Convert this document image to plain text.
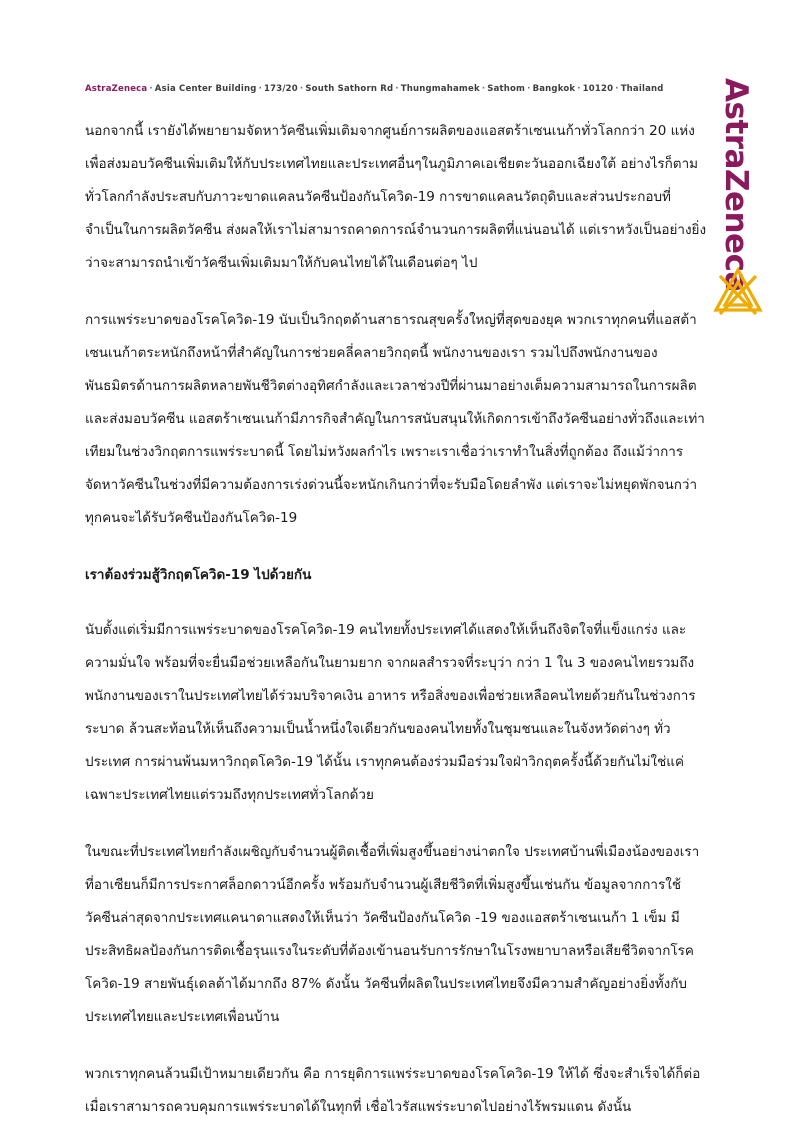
AstraZeneca · Asia Center Building · 173/20 · South Sathorn Rd · Thungmahamek · Sathom · Bangkok · 10120 · Thailand AstraZeneca

นอกจากนี้ เรายังได้พยายามจัดหาวัคซีนเพิ่มเติมจากศูนย์การผลิตของแอสตร้าเซนเนก้าทั่วโลกกว่า 20 แห่ง เพื่อส่งมอบวัคซีนเพิ่มเติมให้กับประเทศไทยและประเทศอื่นๆในภูมิภาคเอเชียตะวันออกเฉียงใต้ อย่างไรก็ตาม ทั่วโลกกำลังประสบกับภาวะขาดแคลนวัคซีนป้องกันโควิด-19 การขาดแคลนวัตถุดิบและส่วนประกอบที่จำเป็นในการผลิตวัคซีน ส่งผลให้เราไม่สามารถคาดการณ์จำนวนการผลิตที่แน่นอนได้ แต่เราหวังเป็นอย่างยิ่งว่าจะสามารถนำเข้าวัคซีนเพิ่มเติมมาให้กับคนไทยได้ในเดือนต่อๆ ไป

การแพร่ระบาดของโรคโควิด-19 นับเป็นวิกฤตด้านสาธารณสุขครั้งใหญ่ที่สุดของยุค พวกเราทุกคนที่แอสต้าเซนเนก้าตระหนักถึงหน้าที่สำคัญในการช่วยคลี่คลายวิกฤตนี้ พนักงานของเรา รวมไปถึงพนักงานของพันธมิตรด้านการผลิตหลายพันชีวิตต่างอุทิศกำลังและเวลาช่วงปีที่ผ่านมาอย่างเต็มความสามารถในการผลิตและส่งมอบวัคซีน แอสตร้าเซนเนก้ามีภารกิจสำคัญในการสนับสนุนให้เกิดการเข้าถึงวัคซีนอย่างทั่วถึงและเท่าเทียมในช่วงวิกฤตการแพร่ระบาดนี้ โดยไม่หวังผลกำไร เพราะเราเชื่อว่าเราทำในสิ่งที่ถูกต้อง ถึงแม้ว่าการจัดหาวัคซีนในช่วงที่มีความต้องการเร่งด่วนนี้จะหนักเกินกว่าที่จะรับมือโดยลำพัง แต่เราจะไม่หยุดพักจนกว่าทุกคนจะได้รับวัคซีนป้องกันโควิด-19

เราต้องร่วมสู้วิกฤตโควิด-19 ไปด้วยกัน

นับตั้งแต่เริ่มมีการแพร่ระบาดของโรคโควิด-19 คนไทยทั้งประเทศได้แสดงให้เห็นถึงจิตใจที่แข็งแกร่ง และความมั่นใจ พร้อมที่จะยื่นมือช่วยเหลือกันในยามยาก จากผลสำรวจที่ระบุว่า กว่า 1 ใน 3 ของคนไทยรวมถึงพนักงานของเราในประเทศไทยได้ร่วมบริจาคเงิน อาหาร หรือสิ่งของเพื่อช่วยเหลือคนไทยด้วยกันในช่วงการระบาด ล้วนสะท้อนให้เห็นถึงความเป็นน้ำหนึ่งใจเดียวกันของคนไทยทั้งในชุมชนและในจังหวัดต่างๆ ทั่วประเทศ การผ่านพ้นมหาวิกฤตโควิด-19 ได้นั้น เราทุกคนต้องร่วมมือร่วมใจฝ่าวิกฤตครั้งนี้ด้วยกันไม่ใช่แค่เฉพาะประเทศไทยแต่รวมถึงทุกประเทศทั่วโลกด้วย

ในขณะที่ประเทศไทยกำลังเผชิญกับจำนวนผู้ติดเชื้อที่เพิ่มสูงขึ้นอย่างน่าตกใจ ประเทศบ้านพี่เมืองน้องของเราที่อาเซียนก็มีการประกาศล็อกดาวน์อีกครั้ง พร้อมกับจำนวนผู้เสียชีวิตที่เพิ่มสูงขึ้นเช่นกัน ข้อมูลจากการใช้วัคซีนล่าสุดจากประเทศแคนาดาแสดงให้เห็นว่า วัคซีนป้องกันโควิด -19 ของแอสตร้าเซนเนก้า 1 เข็ม มีประสิทธิผลป้องกันการติดเชื้อรุนแรงในระดับที่ต้องเข้านอนรับการรักษาในโรงพยาบาลหรือเสียชีวิตจากโรคโควิด-19 สายพันธุ์เดลต้าได้มากถึง 87% ดังนั้น วัคซีนที่ผลิตในประเทศไทยจึงมีความสำคัญอย่างยิ่งทั้งกับประเทศไทยและประเทศเพื่อนบ้าน

พวกเราทุกคนล้วนมีเป้าหมายเดียวกัน คือ การยุติการแพร่ระบาดของโรคโควิด-19 ให้ได้ ซึ่งจะสำเร็จได้ก็ต่อเมื่อเราสามารถควบคุมการแพร่ระบาดได้ในทุกที่ เชื่อไวรัสแพร่ระบาดไปอย่างไร้พรมแดน ดังนั้น
